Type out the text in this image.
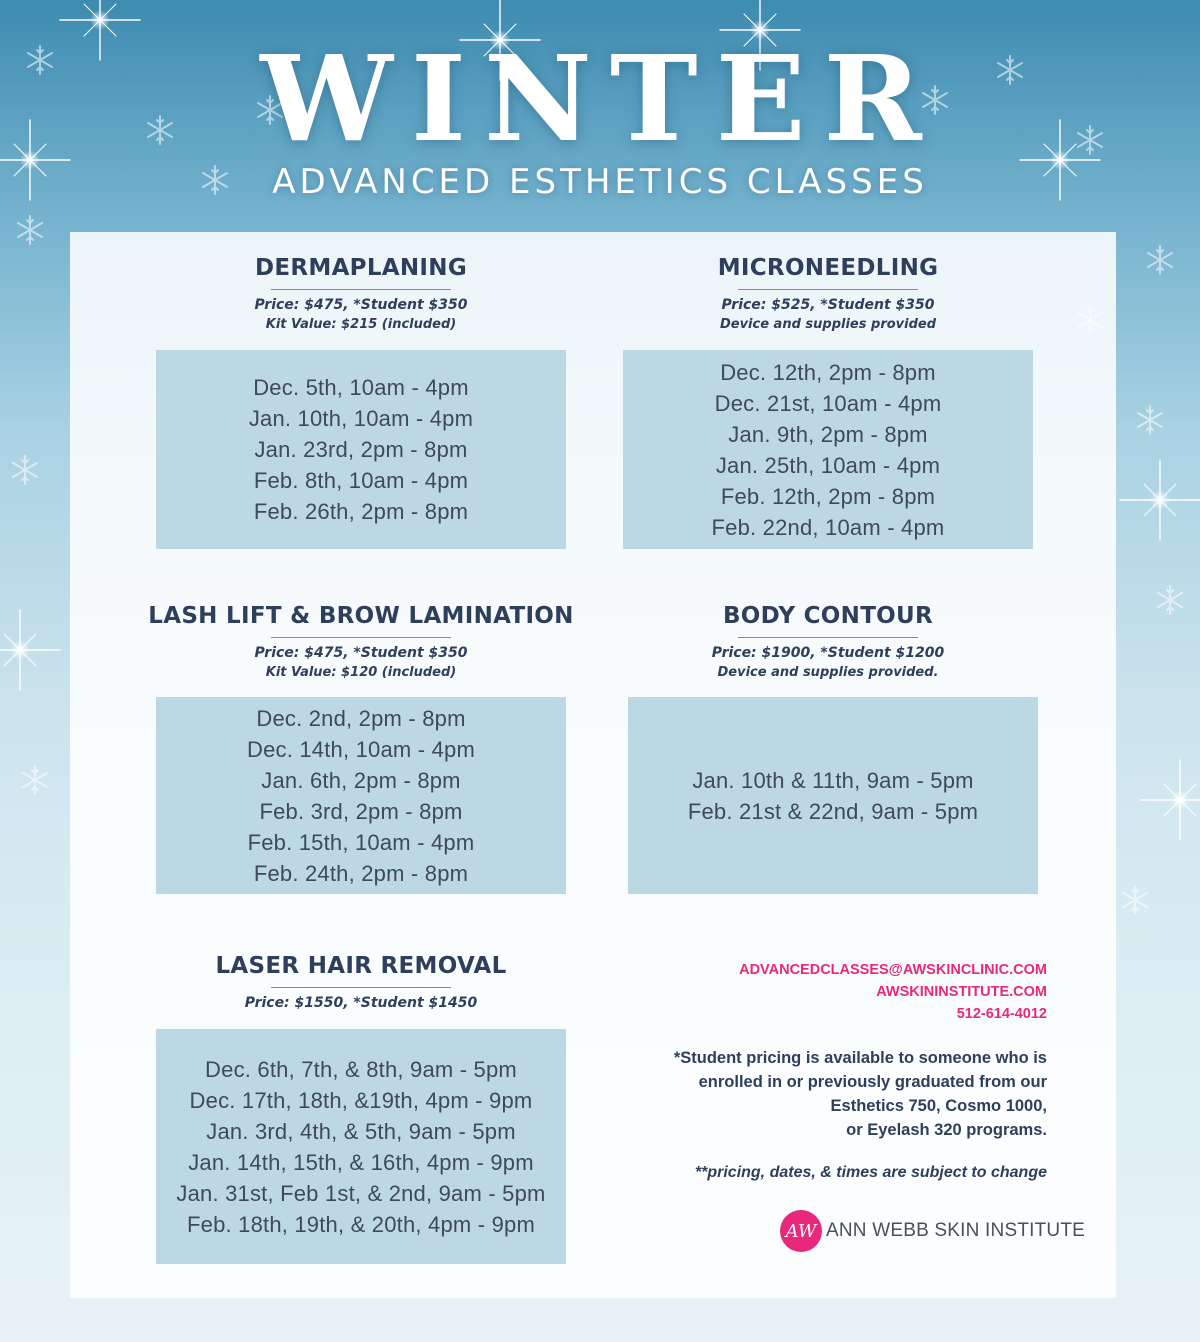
WINTER
ADVANCED ESTHETICS CLASSES
DERMAPLANING
Price: $475, *Student $350
Kit Value: $215 (included)
Dec. 5th, 10am - 4pm
Jan. 10th, 10am - 4pm
Jan. 23rd, 2pm - 8pm
Feb. 8th, 10am - 4pm
Feb. 26th, 2pm - 8pm
MICRONEEDLING
Price: $525, *Student $350
Device and supplies provided
Dec. 12th, 2pm - 8pm
Dec. 21st, 10am - 4pm
Jan. 9th, 2pm - 8pm
Jan. 25th, 10am - 4pm
Feb. 12th, 2pm - 8pm
Feb. 22nd, 10am - 4pm
LASH LIFT & BROW LAMINATION
Price: $475, *Student $350
Kit Value: $120 (included)
Dec. 2nd, 2pm - 8pm
Dec. 14th, 10am - 4pm
Jan. 6th, 2pm - 8pm
Feb. 3rd, 2pm - 8pm
Feb. 15th, 10am - 4pm
Feb. 24th, 2pm - 8pm
BODY CONTOUR
Price: $1900, *Student $1200
Device and supplies provided.
Jan. 10th & 11th, 9am - 5pm
Feb. 21st & 22nd, 9am - 5pm
LASER HAIR REMOVAL
Price: $1550, *Student $1450
Dec. 6th, 7th, & 8th, 9am - 5pm
Dec. 17th, 18th, &19th, 4pm - 9pm
Jan. 3rd, 4th, & 5th, 9am - 5pm
Jan. 14th, 15th, & 16th, 4pm - 9pm
Jan. 31st, Feb 1st, & 2nd, 9am - 5pm
Feb. 18th, 19th, & 20th, 4pm - 9pm
ADVANCEDCLASSES@AWSKINCLINIC.COM
AWSKININSTITUTE.COM
512-614-4012
*Student pricing is available to someone who is
enrolled in or previously graduated from our
Esthetics 750, Cosmo 1000,
or Eyelash 320 programs.
**pricing, dates, & times are subject to change
AW ANN WEBB SKIN INSTITUTE
